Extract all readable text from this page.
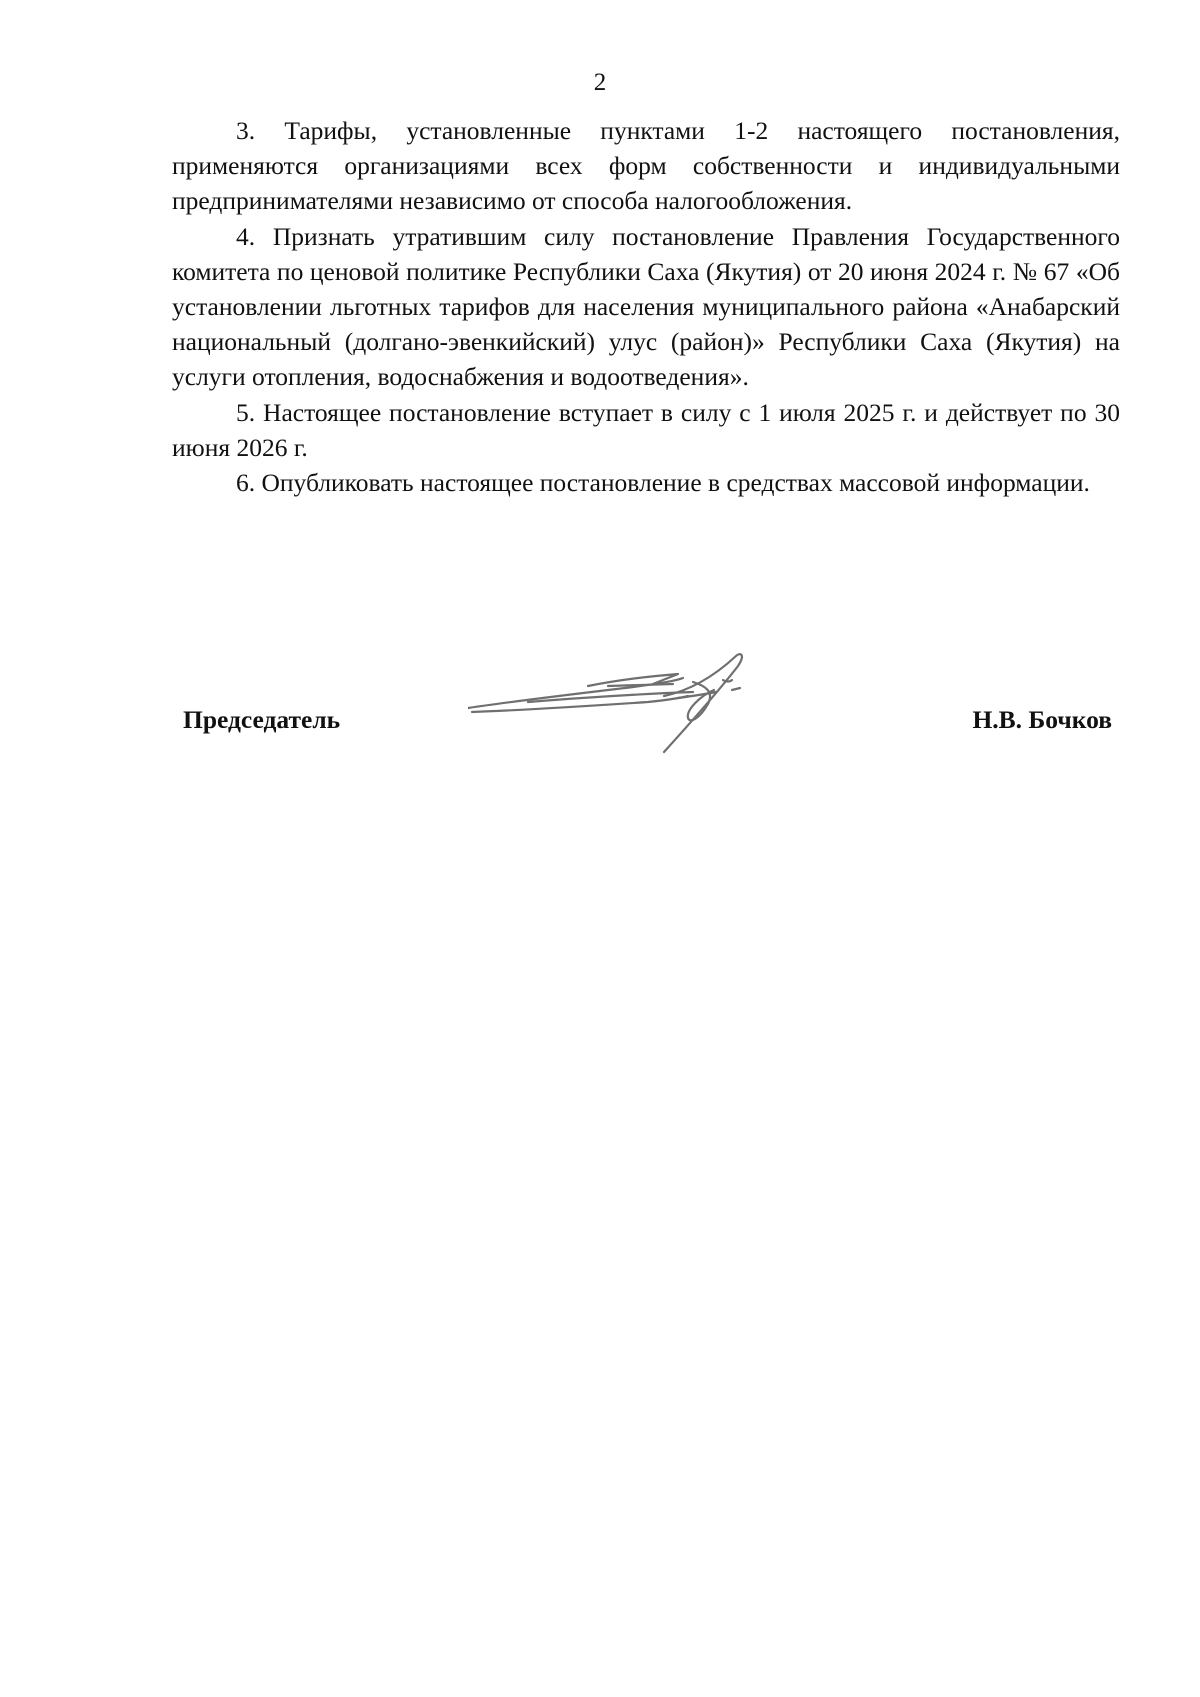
2

3. Тарифы, установленные пунктами 1-2 настоящего постановления, применяются организациями всех форм собственности и индивидуальными предпринимателями независимо от способа налогообложения.

4. Признать утратившим силу постановление Правления Государственного комитета по ценовой политике Республики Саха (Якутия) от 20 июня 2024 г. № 67 «Об установлении льготных тарифов для населения муниципального района «Анабарский национальный (долгано-эвенкийский) улус (район)» Республики Саха (Якутия) на услуги отопления, водоснабжения и водоотведения».

5. Настоящее постановление вступает в силу с 1 июля 2025 г. и действует по 30 июня 2026 г.

6. Опубликовать настоящее постановление в средствах массовой информации.

Председатель	Н.В. Бочков
